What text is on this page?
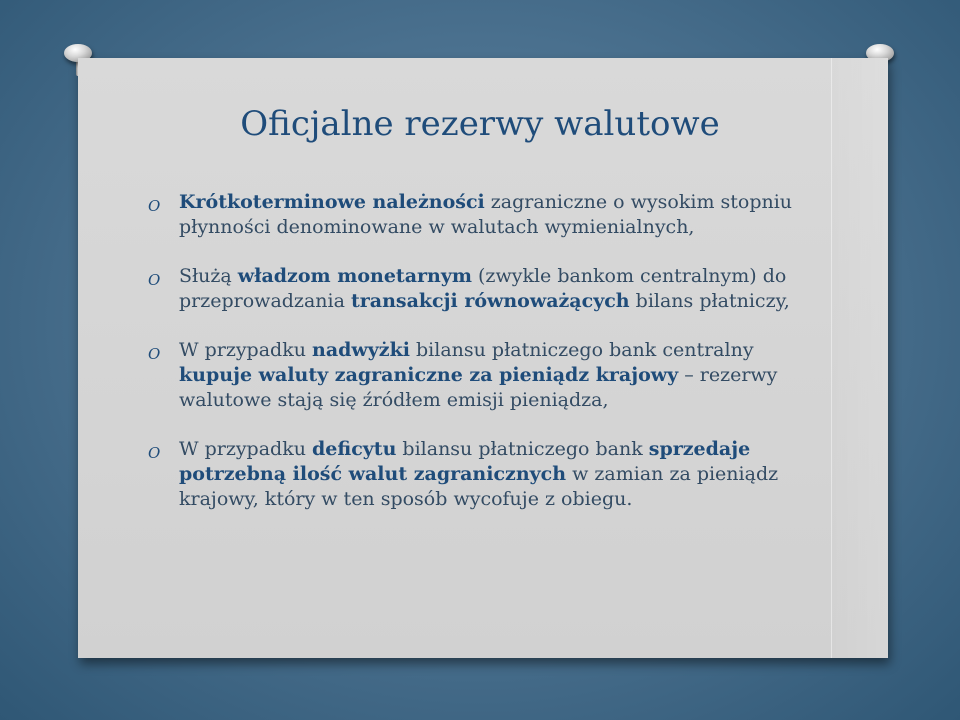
Oficjalne rezerwy walutowe
O Krótkoterminowe należności zagraniczne o wysokim stopniu płynności denominowane w walutach wymienialnych,
O Służą władzom monetarnym (zwykle bankom centralnym) do przeprowadzania transakcji równoważących bilans płatniczy,
O W przypadku nadwyżki bilansu płatniczego bank centralny kupuje waluty zagraniczne za pieniądz krajowy – rezerwy walutowe stają się źródłem emisji pieniądza,
O W przypadku deficytu bilansu płatniczego bank sprzedaje potrzebną ilość walut zagranicznych w zamian za pieniądz krajowy, który w ten sposób wycofuje z obiegu.
